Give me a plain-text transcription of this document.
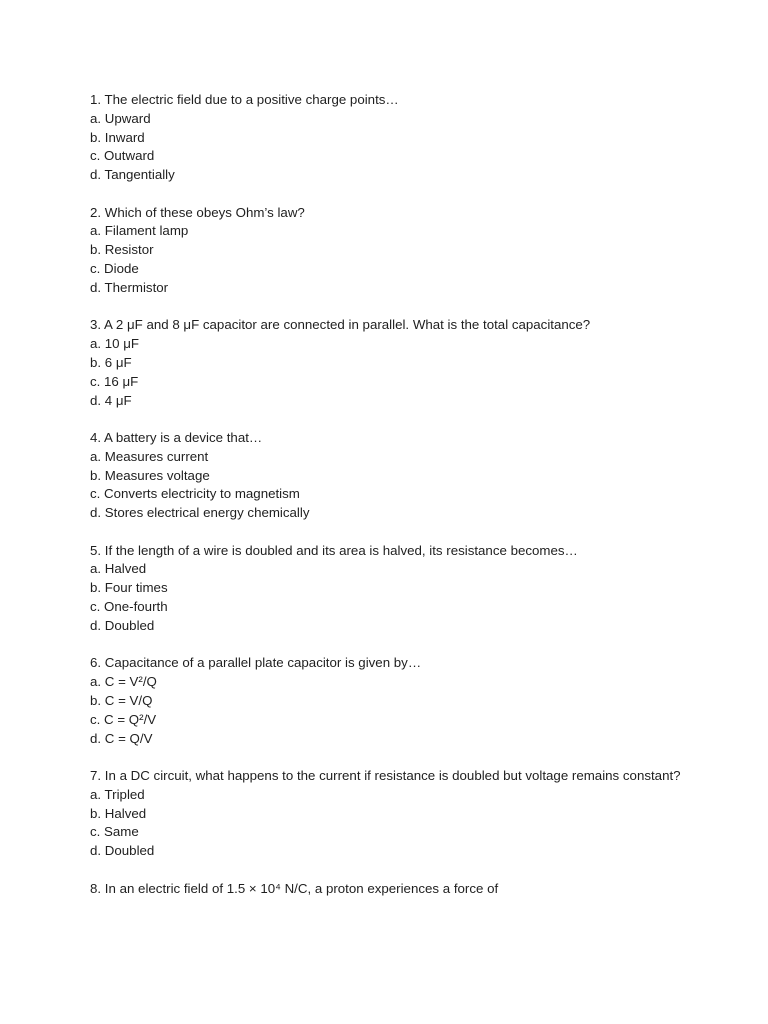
1. The electric field due to a positive charge points…
a. Upward
b. Inward
c. Outward
d. Tangentially
2. Which of these obeys Ohm’s law?
a. Filament lamp
b. Resistor
c. Diode
d. Thermistor
3. A 2 μF and 8 μF capacitor are connected in parallel. What is the total capacitance?
a. 10 μF
b. 6 μF
c. 16 μF
d. 4 μF
4. A battery is a device that…
a. Measures current
b. Measures voltage
c. Converts electricity to magnetism
d. Stores electrical energy chemically
5. If the length of a wire is doubled and its area is halved, its resistance becomes…
a. Halved
b. Four times
c. One-fourth
d. Doubled
6. Capacitance of a parallel plate capacitor is given by…
a. C = V²/Q
b. C = V/Q
c. C = Q²/V
d. C = Q/V
7. In a DC circuit, what happens to the current if resistance is doubled but voltage remains constant?
a. Tripled
b. Halved
c. Same
d. Doubled
8. In an electric field of 1.5 × 10⁴ N/C, a proton experiences a force of
